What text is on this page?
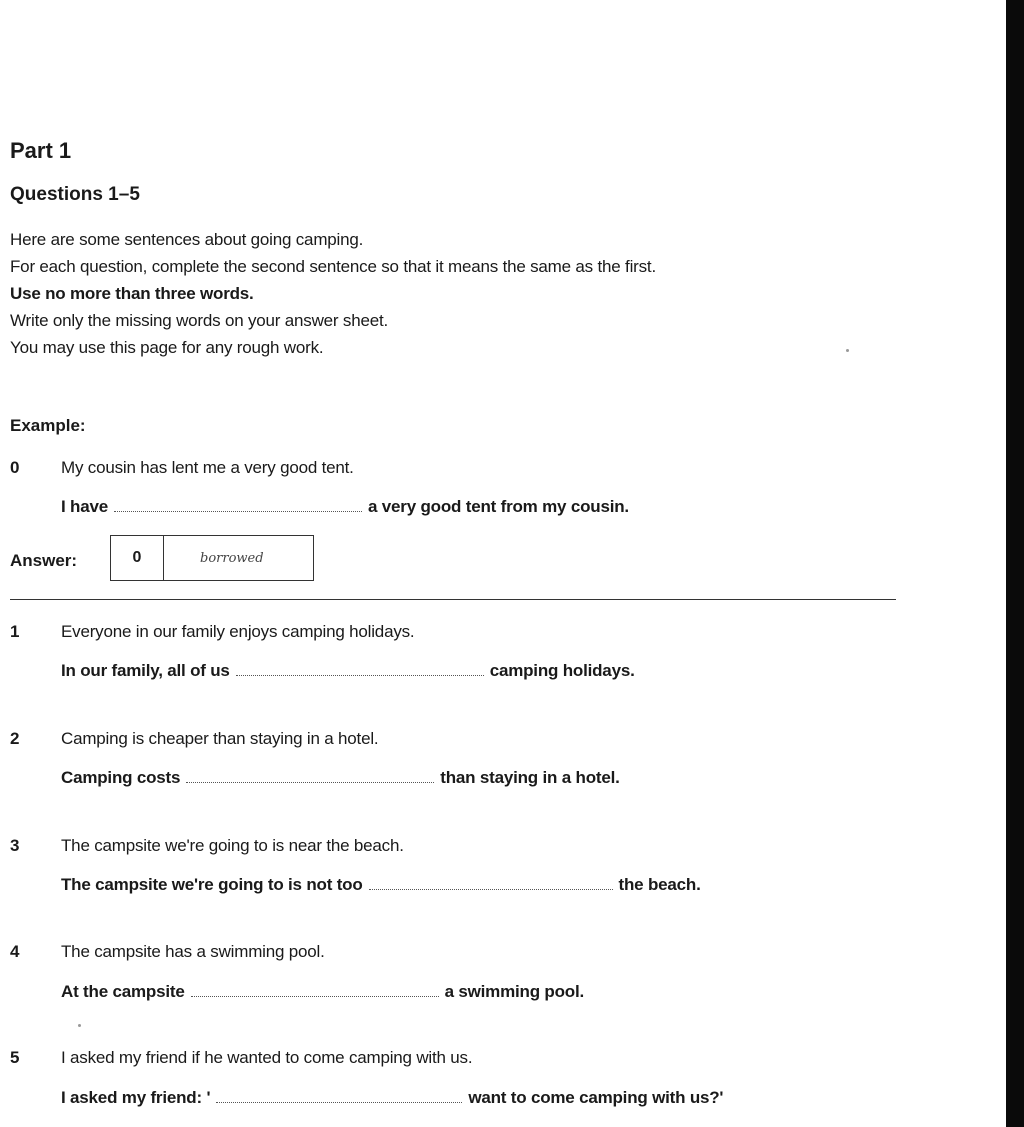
Part 1
Questions 1–5
Here are some sentences about going camping.
For each question, complete the second sentence so that it means the same as the first.
Use no more than three words.
Write only the missing words on your answer sheet.
You may use this page for any rough work.
Example:
0 My cousin has lent me a very good tent.
I have	a very good tent from my cousin.
Answer:	0	borrowed
1 Everyone in our family enjoys camping holidays.
In our family, all of us	camping holidays.
2 Camping is cheaper than staying in a hotel.
Camping costs	than staying in a hotel.
3 The campsite we're going to is near the beach.
The campsite we're going to is not too	the beach.
4 The campsite has a swimming pool.
At the campsite	a swimming pool.
5 I asked my friend if he wanted to come camping with us.
I asked my friend: '	want to come camping with us?'
